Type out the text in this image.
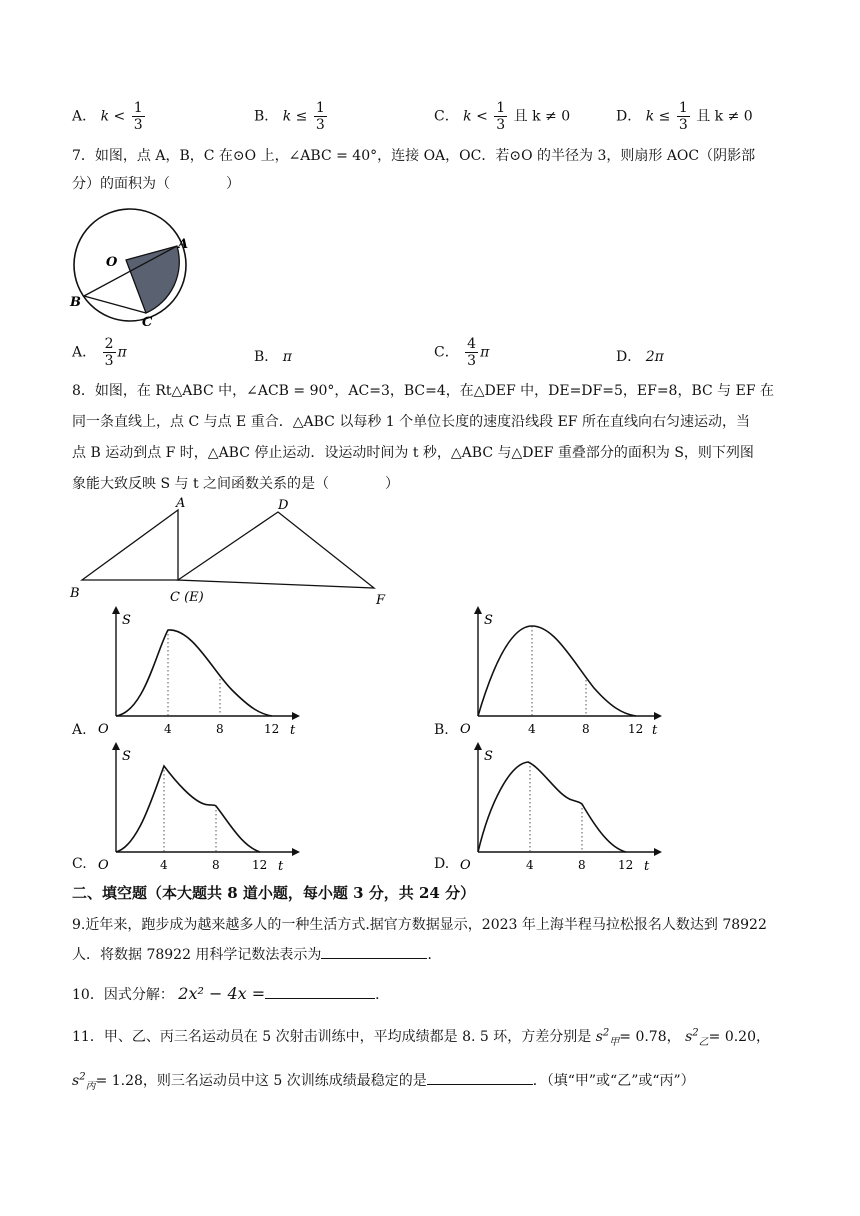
A． $k < \frac{1}{3}$	B． $k \le \frac{1}{3}$	C． $k < \frac{1}{3}$ 且 k ≠ 0	D． $k \le \frac{1}{3}$ 且 k ≠ 0
7．如图，点 A，B，C 在⊙O 上，∠ABC = 40°，连接 OA，OC．若⊙O 的半径为 3，则扇形 AOC（阴影部
分）的面积为（　　　　）
O
A
B
C
A． $\frac{2}{3}$ π	B． π	C． $\frac{4}{3}$ π	D． 2π
8．如图，在 Rt△ABC 中，∠ACB = 90°，AC=3，BC=4，在△DEF 中，DE=DF=5，EF=8，BC 与 EF 在
同一条直线上，点 C 与点 E 重合．△ABC 以每秒 1 个单位长度的速度沿线段 EF 所在直线向右匀速运动，当
点 B 运动到点 F 时，△ABC 停止运动．设运动时间为 t 秒，△ABC 与△DEF 重叠部分的面积为 S，则下列图
象能大致反映 S 与 t 之间函数关系的是（　　　　）
A
B	C (E)
D
F
A.
S
t
O	4	8	12	B.
S
t
O	4	8	12
C.
S
t
O	4	8	12	D.
S
t
O	4	8	12
二、填空题（本大题共 8 道小题，每小题 3 分，共 24 分）
9.近年来，跑步成为越来越多人的一种生活方式.据官方数据显示，2023 年上海半程马拉松报名人数达到 78922
人．将数据 78922 用科学记数法表示为	．
10．因式分解： 2x² − 4x =	．
11．甲、乙、丙三名运动员在 5 次射击训练中，平均成绩都是 8. 5 环，方差分别是 $s^2_甲= 0.78$， $s^2_乙= 0.20$，
$s^2_丙= 1.28$，则三名运动员中这 5 次训练成绩最稳定的是	．（填“甲”或“乙”或“丙”）
